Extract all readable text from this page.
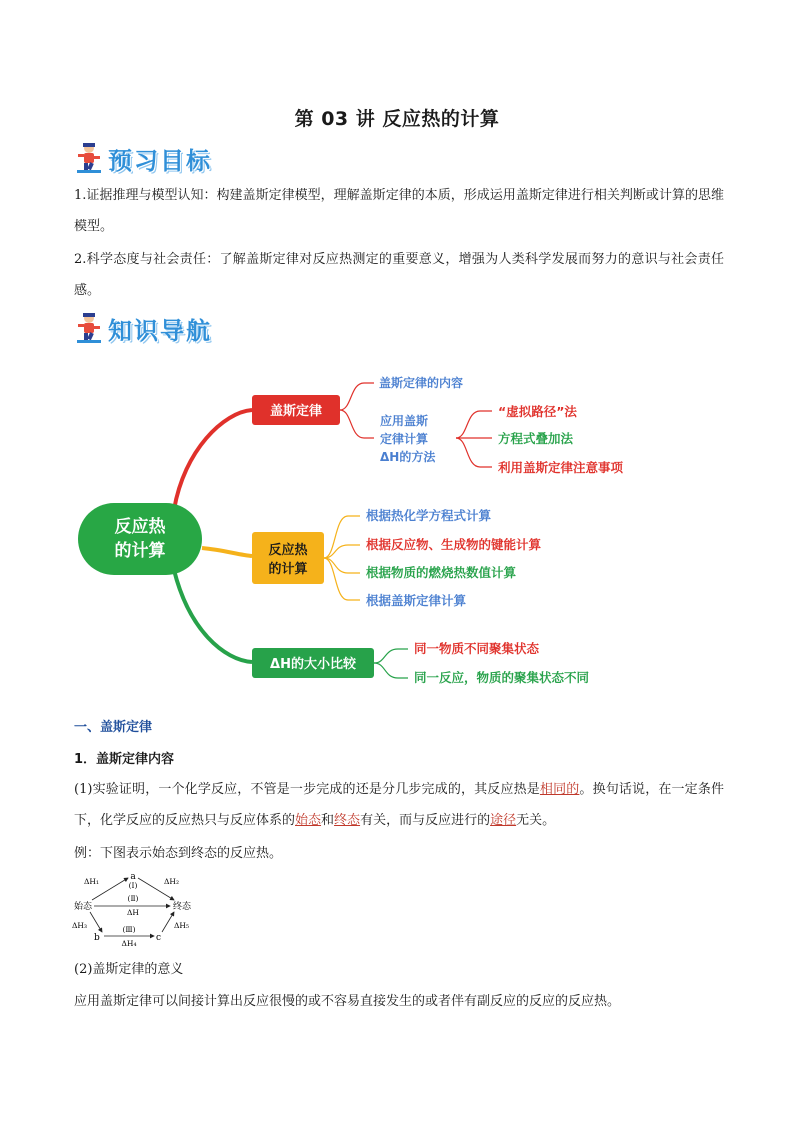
第 03 讲 反应热的计算
预习目标
1.证据推理与模型认知：构建盖斯定律模型，理解盖斯定律的本质，形成运用盖斯定律进行相关判断或计算的思维模型。
2.科学态度与社会责任：了解盖斯定律对反应热测定的重要意义，增强为人类科学发展而努力的意识与社会责任感。
知识导航
反应热
的计算
盖斯定律
盖斯定律的内容
应用盖斯
定律计算
ΔH的方法
“虚拟路径”法
方程式叠加法
利用盖斯定律注意事项
反应热
的计算
根据热化学方程式计算
根据反应物、生成物的键能计算
根据物质的燃烧热数值计算
根据盖斯定律计算
ΔH的大小比较
同一物质不同聚集状态
同一反应，物质的聚集状态不同
一、盖斯定律
1．盖斯定律内容
(1)实验证明，一个化学反应，不管是一步完成的还是分几步完成的，其反应热是相同的。换句话说，在一定条件下，化学反应的反应热只与反应体系的始态和终态有关，而与反应进行的途径无关。
例：下图表示始态到终态的反应热。
a
始态	终态
b	c
ΔH₁	ΔH₂
(Ⅰ)
(Ⅱ)
ΔH
ΔH₃	(Ⅲ)
ΔH₄
ΔH₅
(2)盖斯定律的意义
应用盖斯定律可以间接计算出反应很慢的或不容易直接发生的或者伴有副反应的反应的反应热。
